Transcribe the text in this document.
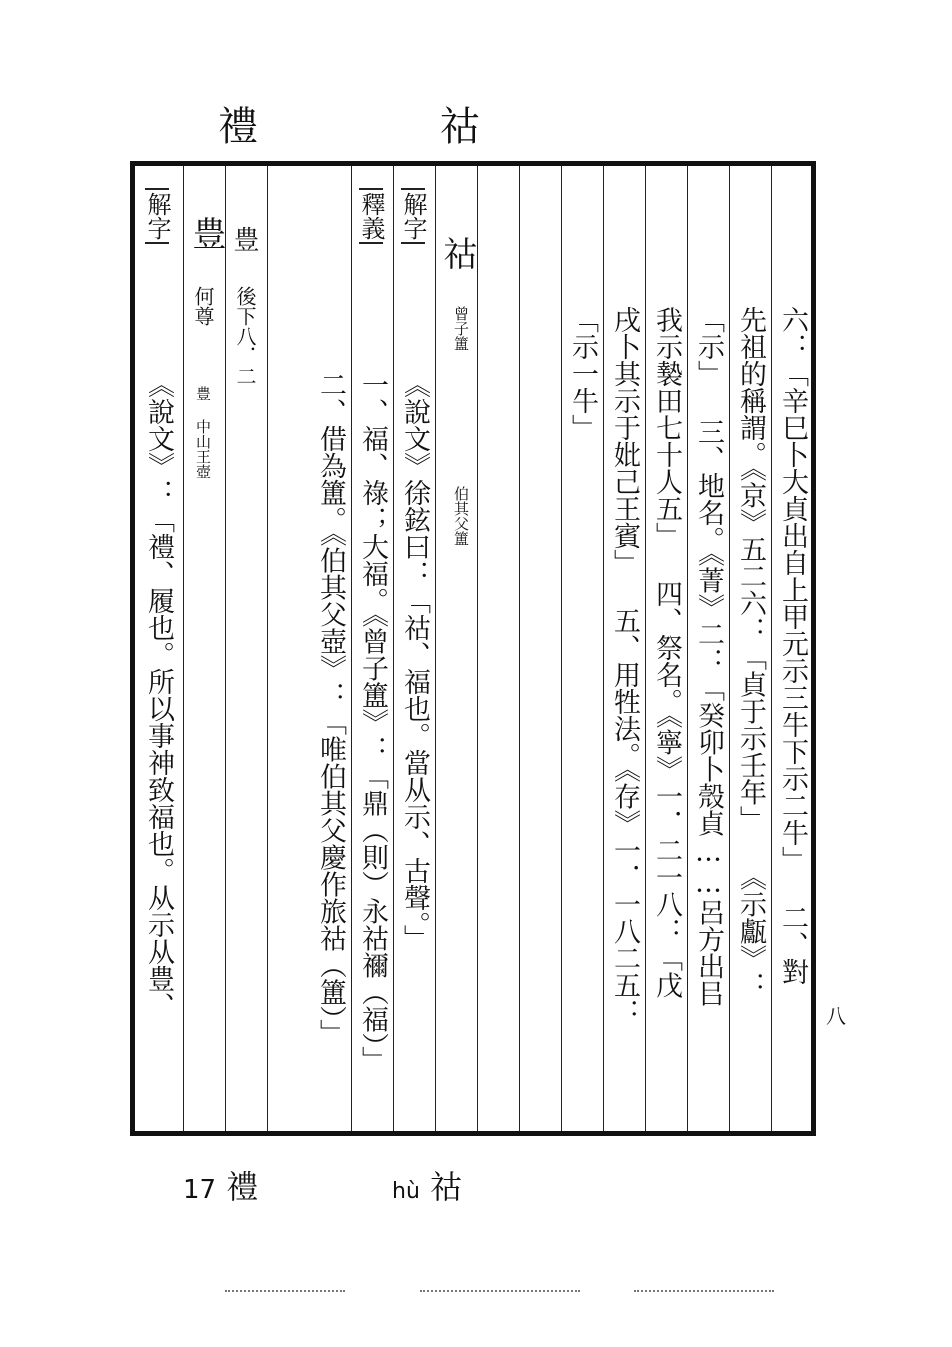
禮	祜
六：「辛巳卜大貞出自上甲元示三牛下示二牛」 二、對
先祖的稱謂。《京》五二六：「貞于示壬年」 《示甗》：
「示」 三、地名。《菁》二：「癸卯卜殼貞……呂方出㠯
我示褺田七十人五」 四、祭名。《寧》一．二一八：「戊
戌卜其示于妣己王賓」 五、用牲法。《存》一．一八二五：
「示一牛」
祜
曾子簠
伯其父簠
解字
《說文》徐鉉曰：「祜、福也。當从示、古聲。」
釋義
一、福、祿；大福。《曾子簠》：「鼎（則）永祜禰（福）」
二、借為簠。《伯其父壺》：「唯伯其父慶作旅祜（簠）」
豊
後下八．二
豊
何尊
豊 中山王壺
解字
《說文》：「禮、履也。所以事神致福也。从示从豊、	八
17 禮	hù 祜
